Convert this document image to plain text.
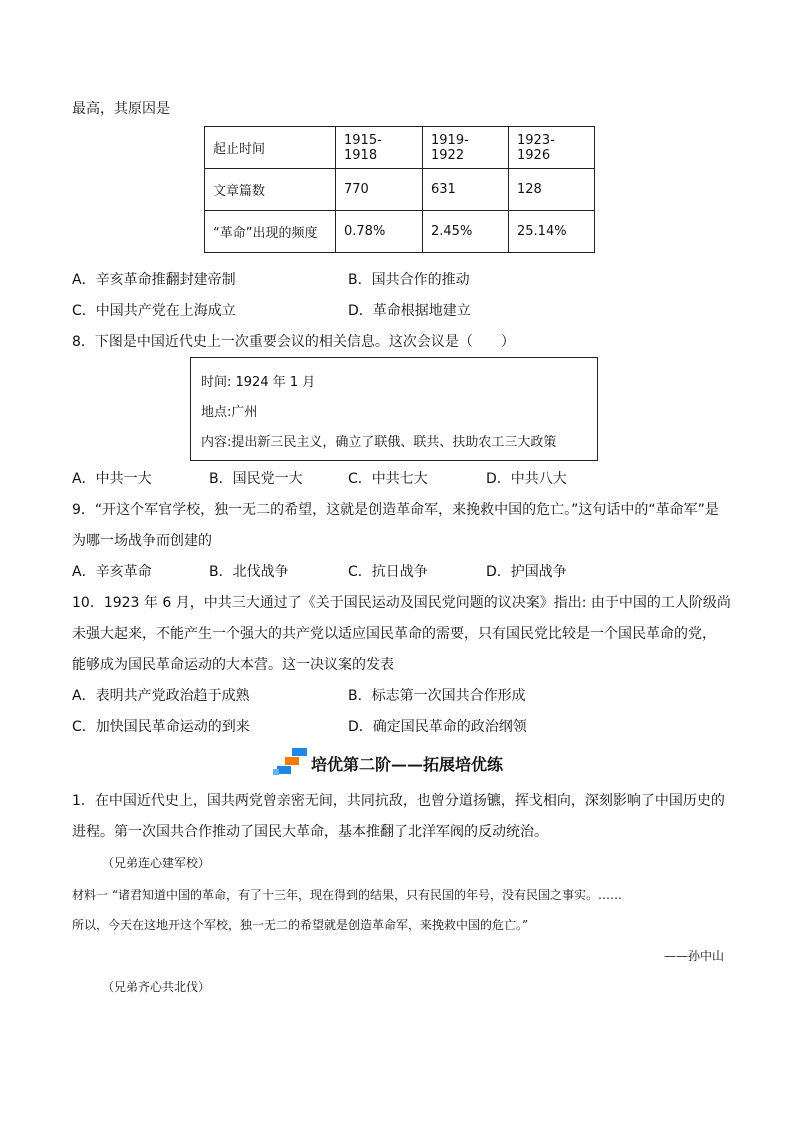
最高，其原因是
起止时间	1915-1918	1919-1922	1923-1926
文章篇数	770	631	128
“革命”出现的频度	0.78%	2.45%	25.14%
A．辛亥革命推翻封建帝制	B．国共合作的推动
C．中国共产党在上海成立	D．革命根据地建立
8．下图是中国近代史上一次重要会议的相关信息。这次会议是（　　）
时间: 1924 年 1 月
地点:广州
内容:提出新三民主义，确立了联俄、联共、扶助农工三大政策
A．中共一大	B．国民党一大	C．中共七大	D．中共八大
9．“开这个军官学校，独一无二的希望，这就是创造革命军，来挽救中国的危亡。”这句话中的“革命军”是
为哪一场战争而创建的
A．辛亥革命	B．北伐战争	C．抗日战争	D．护国战争
10．1923 年 6 月，中共三大通过了《关于国民运动及国民党问题的议决案》指出: 由于中国的工人阶级尚
未强大起来，不能产生一个强大的共产党以适应国民革命的需要，只有国民党比较是一个国民革命的党，
能够成为国民革命运动的大本营。这一决议案的发表
A．表明共产党政治趋于成熟	B．标志第一次国共合作形成
C．加快国民革命运动的到来	D．确定国民革命的政治纲领
培优第二阶——拓展培优练
1．在中国近代史上，国共两党曾亲密无间，共同抗敌，也曾分道扬镳，挥戈相向，深刻影响了中国历史的
进程。第一次国共合作推动了国民大革命，基本推翻了北洋军阀的反动统治。
（兄弟连心建军校）
材料一 “诸君知道中国的革命，有了十三年，现在得到的结果，只有民国的年号，没有民国之事实。……
所以，今天在这地开这个军校，独一无二的希望就是创造革命军，来挽救中国的危亡。”
——孙中山
（兄弟齐心共北伐）
